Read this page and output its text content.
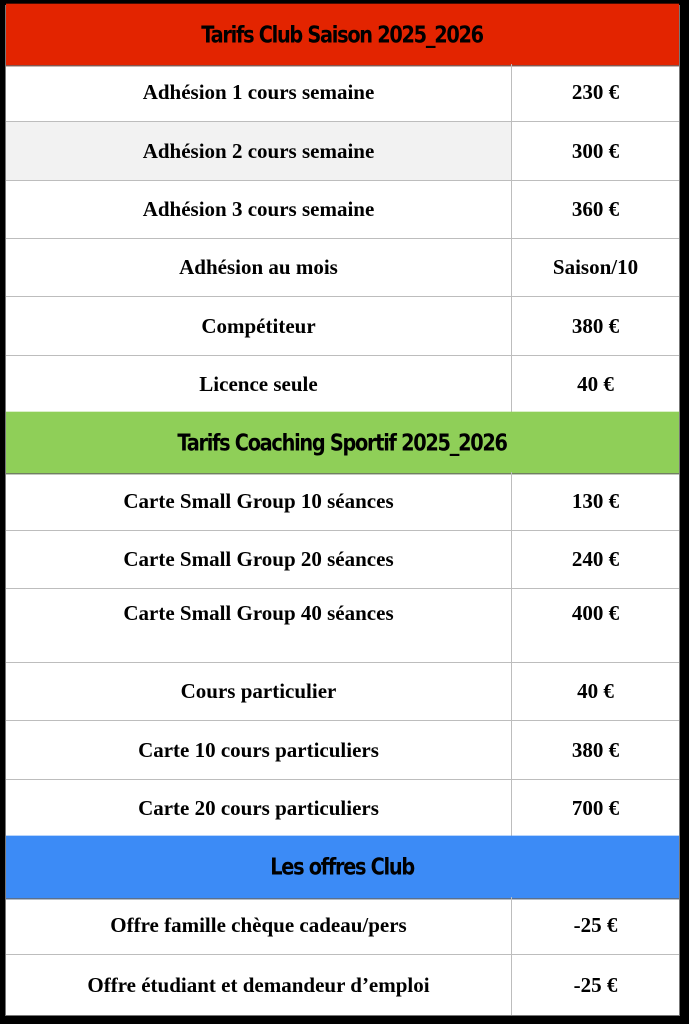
Tarifs Club Saison 2025_2026
Adhésion 1 cours semaine	230 €
Adhésion 2 cours semaine	300 €
Adhésion 3 cours semaine	360 €
Adhésion au mois	Saison/10
Compétiteur	380 €
Licence seule	40 €
Tarifs Coaching Sportif 2025_2026
Carte Small Group 10 séances	130 €
Carte Small Group 20 séances	240 €
Carte Small Group 40 séances	400 €
Cours particulier	40 €
Carte 10 cours particuliers	380 €
Carte 20 cours particuliers	700 €
Les offres Club
Offre famille chèque cadeau/pers	-25 €
Offre étudiant et demandeur d’emploi	-25 €
